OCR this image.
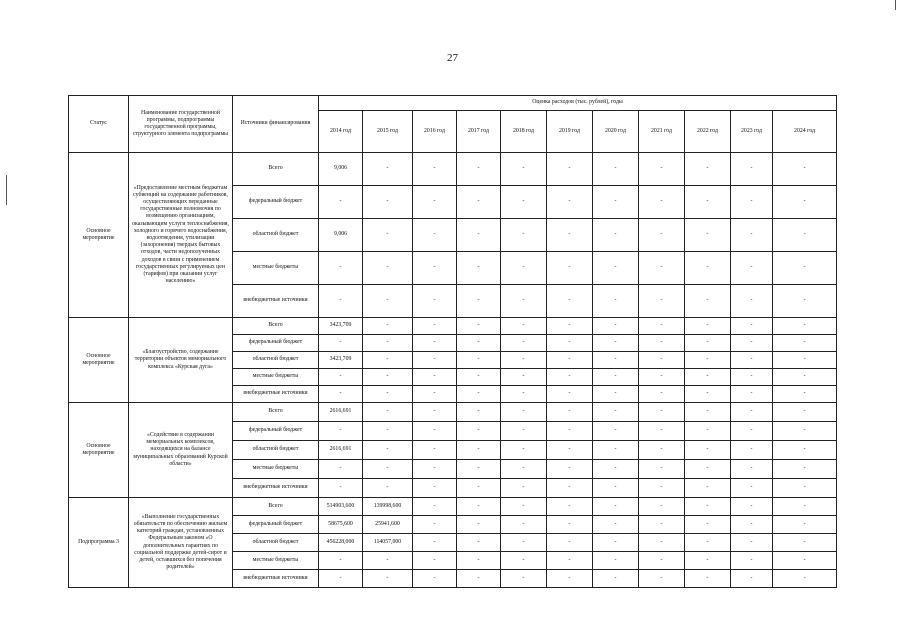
27
Статус	Наименование государственной программы, подпрограммы государственной программы, структурного элемента подпрограммы	Источники финансирования	Оценка расходов (тыс. рублей), годы										
			2014 год	2015 год	2016 год	2017 год	2018 год	2019 год	2020 год	2021 год	2022 год	2023 год	2024 год
Основное мероприятие	«Предоставление местным бюджетам субвенций на содержание работников, осуществляющих переданные государственные полномочия по возмещению организациям, оказывающим услуги теплоснабжения, холодного и горячего водоснабжения, водоотведения, утилизации (захоронения) твердых бытовых отходов, части недополученных доходов в связи с применением государственных регулируемых цен (тарифов) при оказании услуг населению»	Всего	9,006	-	-	-	-	-	-	-	-	-	-
		федеральный бюджет	-	-	-	-	-	-	-	-	-	-	-
		областной бюджет	9,006	-	-	-	-	-	-	-	-	-	-
		местные бюджеты	-	-	-	-	-	-	-	-	-	-	-
		внебюджетные источники	-	-	-	-	-	-	-	-	-	-	-
Основное мероприятие	«Благоустройство, содержание территории объектов мемориального комплекса «Курская дуга»	Всего	3423,709	-	-	-	-	-	-	-	-	-	-
		федеральный бюджет	-	-	-	-	-	-	-	-	-	-	-
		областной бюджет	3423,709	-	-	-	-	-	-	-	-	-	-
		местные бюджеты	-	-	-	-	-	-	-	-	-	-	-
		внебюджетные источники	-	-	-	-	-	-	-	-	-	-	-
Основное мероприятие	«Содействие в содержании мемориальных комплексов, находящихся на балансе муниципальных образований Курской области»	Всего	2616,691	-	-	-	-	-	-	-	-	-	-
		федеральный бюджет	-	-	-	-	-	-	-	-	-	-	-
		областной бюджет	2616,691	-	-	-	-	-	-	-	-	-	-
		местные бюджеты	-	-	-	-	-	-	-	-	-	-	-
		внебюджетные источники	-	-	-	-	-	-	-	-	-	-	-
Подпрограмма 3	«Выполнение государственных обязательств по обеспечению жильем категорий граждан, установленных Федеральным законом «О дополнительных гарантиях по социальной поддержке детей-сирот и детей, оставшихся без попечения родителей»	Всего	514903,600	139998,600	-	-	-	-	-	-	-	-	-
		федеральный бюджет	58675,600	25941,600	-	-	-	-	-	-	-	-	-
		областной бюджет	456228,000	114057,000	-	-	-	-	-	-	-	-	-
		местные бюджеты	-	-	-	-	-	-	-	-	-	-	-
		внебюджетные источники	-	-	-	-	-	-	-	-	-	-	-
